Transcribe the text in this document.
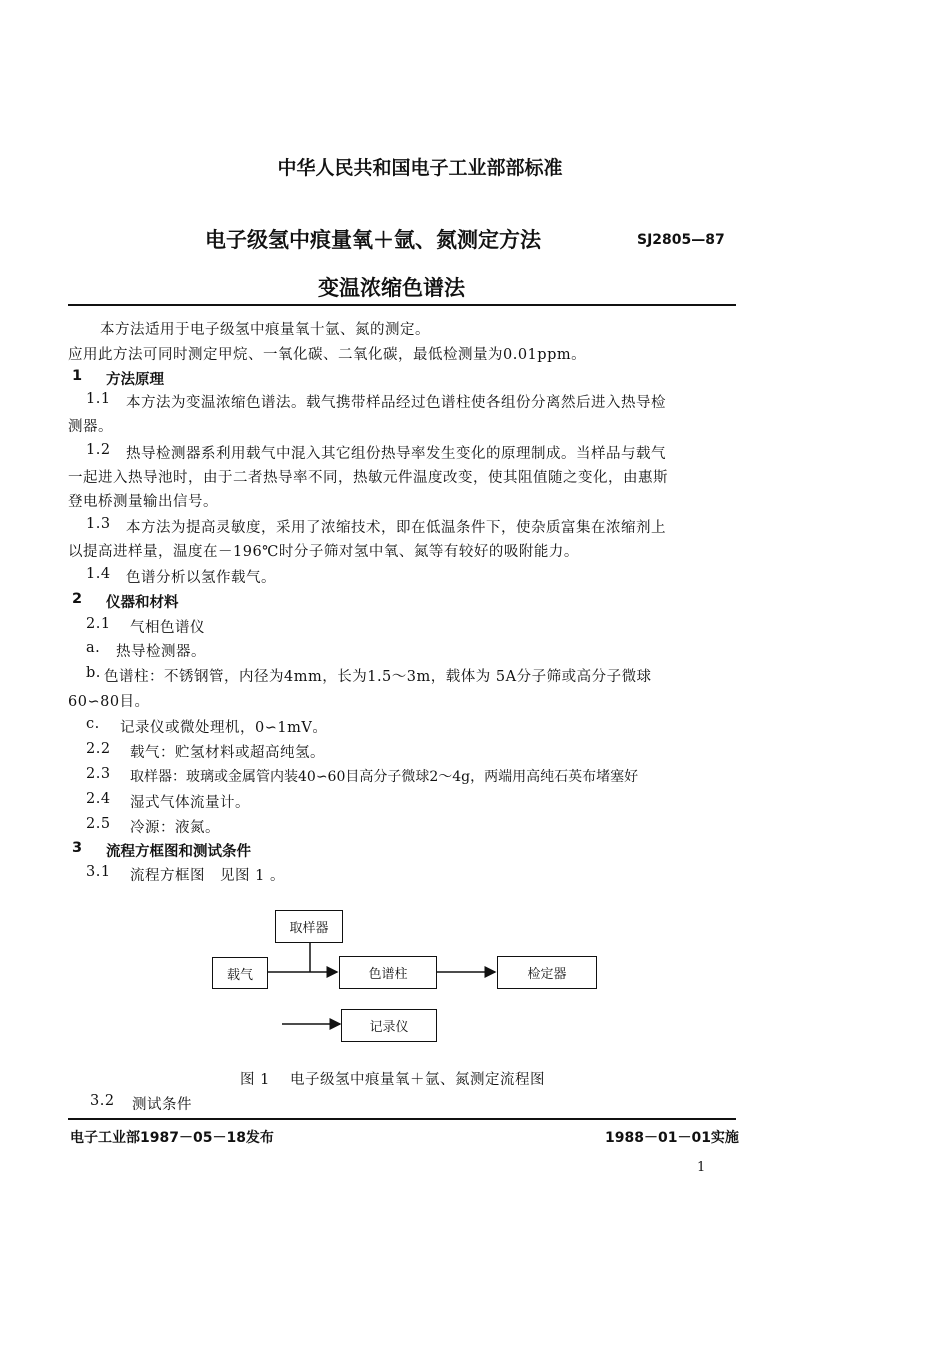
中华人民共和国电子工业部部标准
电子级氢中痕量氧＋氩、氮测定方法	SJ2805—87
变温浓缩色谱法
本方法适用于电子级氢中痕量氧十氩、氮的测定。
应用此方法可同时测定甲烷、一氧化碳、二氧化碳，最低检测量为0.01ppm。
1 方法原理
1.1 本方法为变温浓缩色谱法。载气携带样品经过色谱柱使各组份分离然后进入热导检
测器。
1.2 热导检测器系利用载气中混入其它组份热导率发生变化的原理制成。当样品与载气
一起进入热导池时，由于二者热导率不同，热敏元件温度改变，使其阻值随之变化，由惠斯
登电桥测量输出信号。
1.3 本方法为提高灵敏度，采用了浓缩技术，即在低温条件下，使杂质富集在浓缩剂上
以提高进样量，温度在－196℃时分子筛对氢中氧、氮等有较好的吸附能力。
1.4 色谱分析以氢作载气。
2 仪器和材料
2.1 气相色谱仪
a. 热导检测器。
b. 色谱柱：不锈钢管，内径为4mm，长为1.5～3m，载体为 5A分子筛或高分子微球
60∽80目。
c. 记录仪或微处理机，0∽1mV。
2.2 载气：贮氢材料或超高纯氢。
2.3 取样器：玻璃或金属管内装40∽60目高分子微球2～4g，两端用高纯石英布堵塞好
2.4 湿式气体流量计。
2.5 冷源：液氮。
3 流程方框图和测试条件
3.1 流程方框图　见图 1 。
取样器
载气	色谱柱	检定器
记录仪
图 1 电子级氢中痕量氧＋氩、氮测定流程图
3.2 测试条件
电子工业部1987－05－18发布	1988－01－01实施
1
